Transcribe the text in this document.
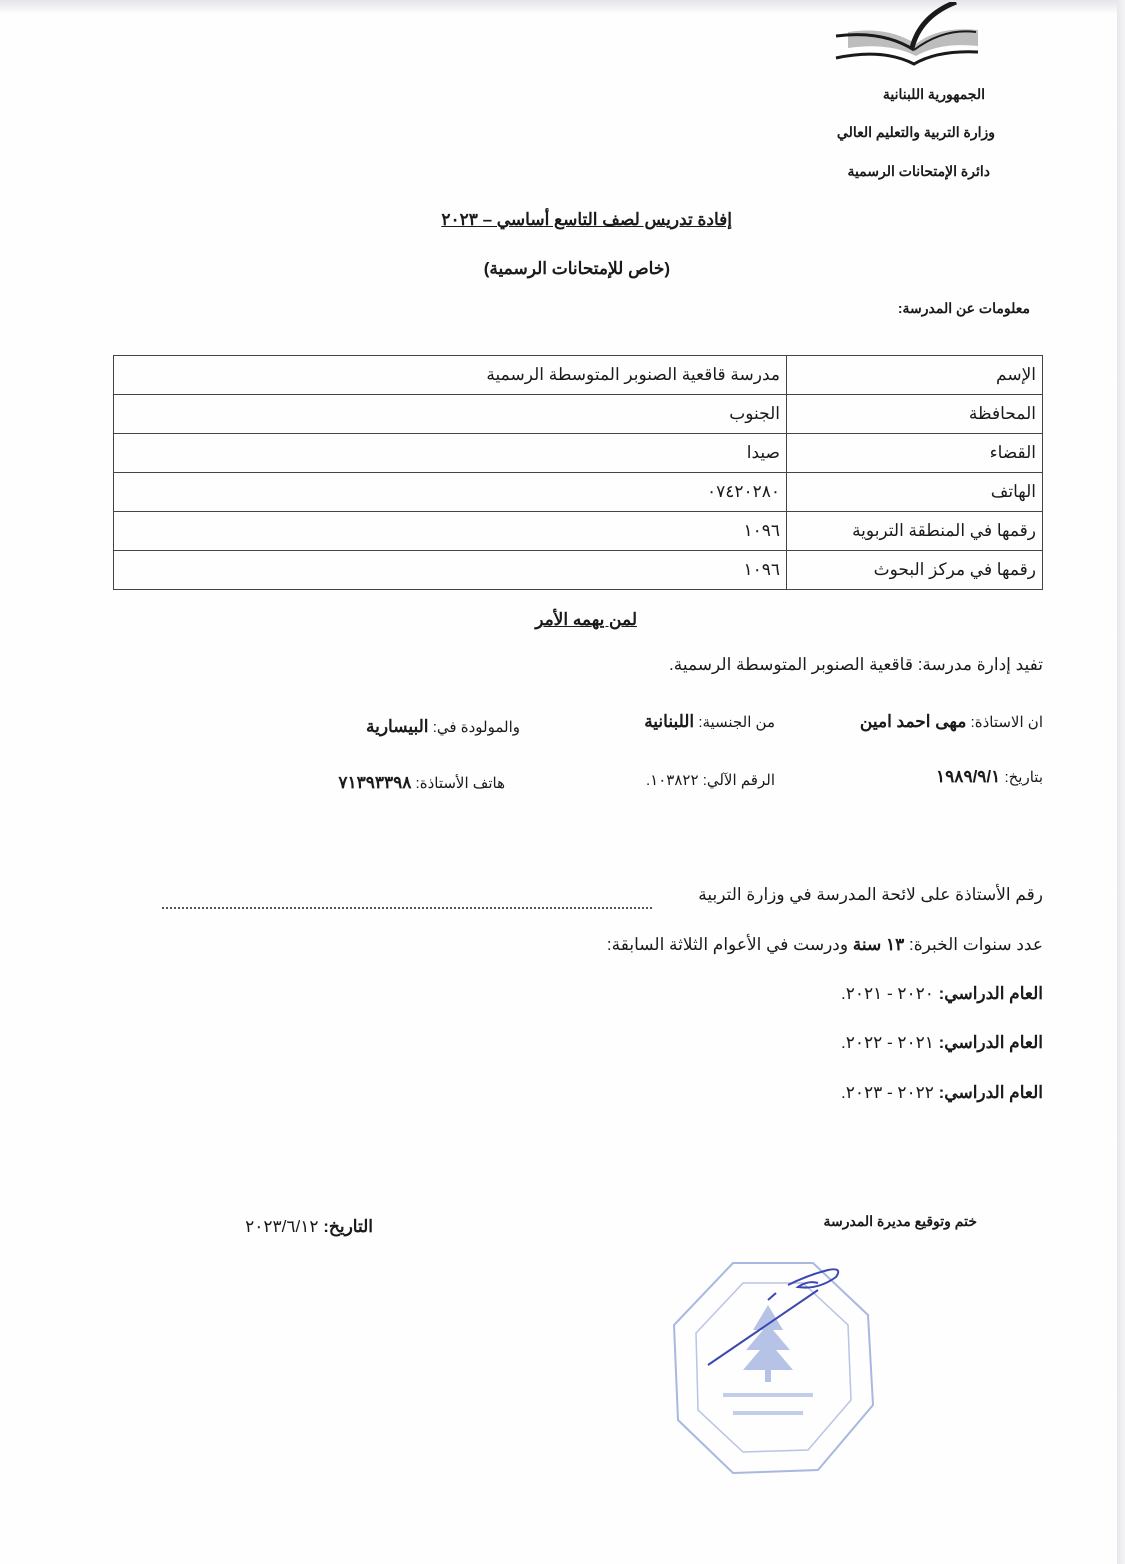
الجمهورية اللبنانية
وزارة التربية والتعليم العالي
دائرة الإمتحانات الرسمية
إفادة تدريس لصف التاسع أساسي – ٢٠٢٣
(خاص للإمتحانات الرسمية)
معلومات عن المدرسة:
الإسم	مدرسة قاقعية الصنوبر المتوسطة الرسمية
المحافظة	الجنوب
القضاء	صيدا
الهاتف	٠٧٤٢٠٢٨٠
رقمها في المنطقة التربوية	١٠٩٦
رقمها في مركز البحوث	١٠٩٦
لمن يهمه الأمر
تفيد إدارة مدرسة: قاقعية الصنوبر المتوسطة الرسمية.
ان الاستاذة: مهى احمد امين
من الجنسية: اللبنانية
والمولودة في: البيسارية
بتاريخ: ١٩٨٩/٩/١
الرقم الآلي: ١٠٣٨٢٢.
هاتف الأستاذة: ٧١٣٩٣٣٩٨
رقم الأستاذة على لائحة المدرسة في وزارة التربية
عدد سنوات الخبرة: ١٣ سنة ودرست في الأعوام الثلاثة السابقة:
العام الدراسي: ٢٠٢٠ - ٢٠٢١.
العام الدراسي: ٢٠٢١ - ٢٠٢٢.
العام الدراسي: ٢٠٢٢ - ٢٠٢٣.
ختم وتوقيع مديرة المدرسة
التاريخ: ٢٠٢٣/٦/١٢
